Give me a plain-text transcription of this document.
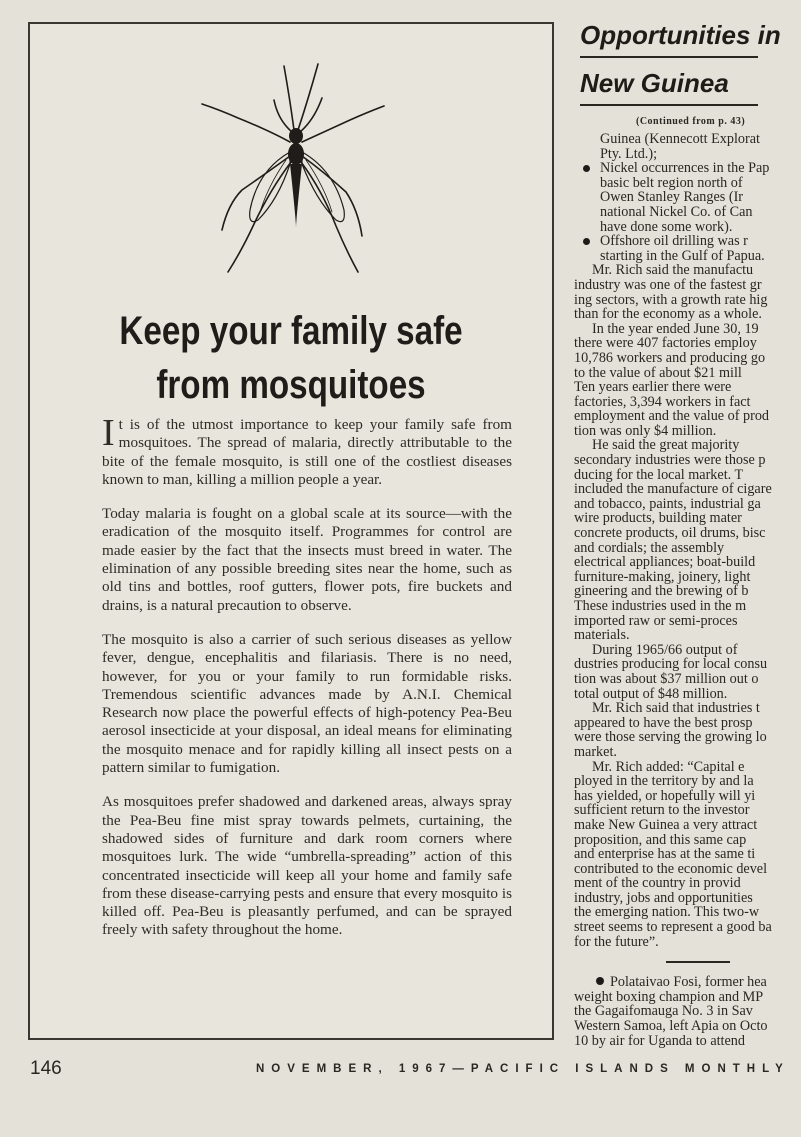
Keep your family safe
from mosquitoes

It is of the utmost importance to keep your family safe from mosquitoes. The spread of malaria, directly attributable to the bite of the female mosquito, is still one of the costliest diseases known to man, killing a million people a year.

Today malaria is fought on a global scale at its source—with the eradication of the mosquito itself. Programmes for control are made easier by the fact that the insects must breed in water. The elimination of any possible breeding sites near the home, such as old tins and bottles, roof gutters, flower pots, fire buckets and drains, is a natural precaution to observe.

The mosquito is also a carrier of such serious diseases as yellow fever, dengue, encephalitis and filariasis. There is no need, however, for you or your family to run formidable risks. Tremendous scientific advances made by A.N.I. Chemical Research now place the powerful effects of high-potency Pea-Beu aerosol insecticide at your disposal, an ideal means for eliminating the mosquito menace and for rapidly killing all insect pests on a pattern similar to fumigation.

As mosquitoes prefer shadowed and darkened areas, always spray the Pea-Beu fine mist spray towards pelmets, curtaining, the shadowed sides of furniture and dark room corners where mosquitoes lurk. The wide “umbrella-spreading” action of this concentrated insecticide will keep all your home and family safe from these disease-carrying pests and ensure that every mosquito is killed off. Pea-Beu is pleasantly perfumed, and can be sprayed freely with safety throughout the home.

Opportunities in
New Guinea
(Continued from p. 43)
Guinea (Kennecott Explorat
Pty. Ltd.);
Nickel occurrences in the Pap
basic belt region north of
Owen Stanley Ranges (Ir
national Nickel Co. of Can
have done some work).
Offshore oil drilling was r
starting in the Gulf of Papua.
Mr. Rich said the manufactu
industry was one of the fastest gr
ing sectors, with a growth rate hig
than for the economy as a whole.
In the year ended June 30, 19
there were 407 factories employ
10,786 workers and producing go
to the value of about $21 mill
Ten years earlier there were
factories, 3,394 workers in fact
employment and the value of prod
tion was only $4 million.
He said the great majority
secondary industries were those p
ducing for the local market. T
included the manufacture of cigare
and tobacco, paints, industrial ga
wire products, building mater
concrete products, oil drums, bisc
and cordials; the assembly
electrical appliances; boat-build
furniture-making, joinery, light
gineering and the brewing of b
These industries used in the m
imported raw or semi-proces
materials.
During 1965/66 output of
dustries producing for local consu
tion was about $37 million out o
total output of $48 million.
Mr. Rich said that industries t
appeared to have the best prosp
were those serving the growing lo
market.
Mr. Rich added: “Capital e
ployed in the territory by and la
has yielded, or hopefully will yi
sufficient return to the investor
make New Guinea a very attract
proposition, and this same cap
and enterprise has at the same ti
contributed to the economic devel
ment of the country in provid
industry, jobs and opportunities
the emerging nation. This two-w
street seems to represent a good ba
for the future”.
Polataivao Fosi, former hea
weight boxing champion and MP
the Gagaifomauga No. 3 in Sav
Western Samoa, left Apia on Octo
10 by air for Uganda to attend
146	NOVEMBER, 1967—PACIFIC ISLANDS MONTHLY
